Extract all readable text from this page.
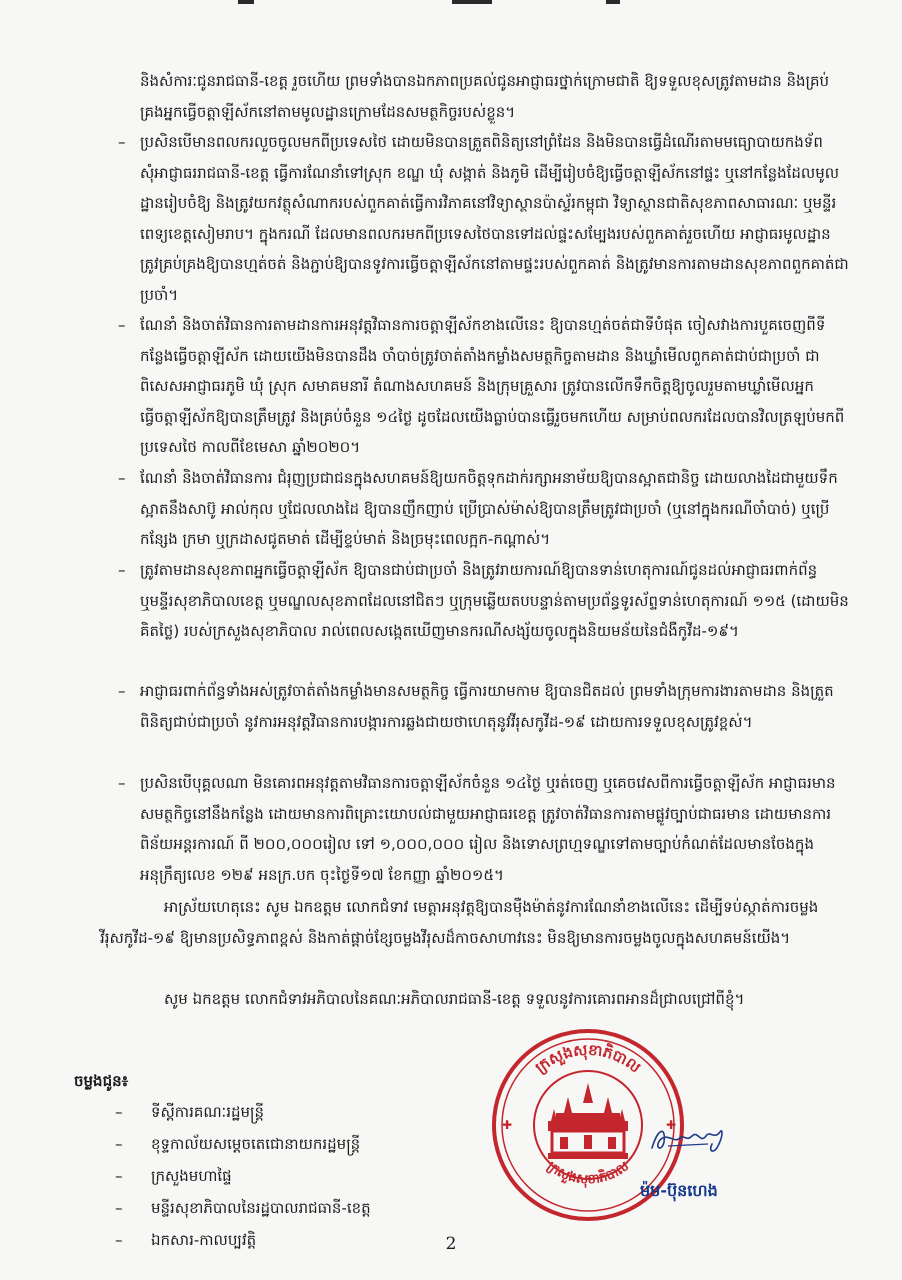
និងសំការៈជូនរាជធានី-ខេត្ត រួចហើយ ព្រមទាំងបានឯកភាពប្រគល់ជូនអាជ្ញាធរថ្នាក់ក្រោមជាតិ ឱ្យទទួលខុសត្រូវតាមដាន និងគ្រប់គ្រងអ្នកធ្វើចត្តាឡីស័កនៅតាមមូលដ្ឋានក្រោមដែនសមត្ថកិច្ចរបស់ខ្លួន។

– ប្រសិនបើមានពលករលួចចូលមកពីប្រទេសថៃ ដោយមិនបានត្រួតពិនិត្យនៅព្រំដែន និងមិនបានធ្វើដំណើរតាមមធ្យោបាយកងទ័ព សុំអាជ្ញាធររាជធានី-ខេត្ត ធ្វើការណែនាំទៅស្រុក ខណ្ឌ ឃុំ សង្កាត់ និងភូមិ ដើម្បីរៀបចំឱ្យធ្វើចត្តាឡីស័កនៅផ្ទះ ឬនៅកន្លែងដែលមូលដ្ឋានរៀបចំឱ្យ និងត្រូវយកវត្ថុសំណាករបស់ពួកគាត់ធ្វើការវិភាគនៅវិទ្យាស្ថានប៉ាស្ទ័រកម្ពុជា វិទ្យាស្ថានជាតិសុខភាពសាធារណៈ ឬមន្ទីរពេទ្យខេត្តសៀមរាប។ ក្នុងករណី ដែលមានពលករមកពីប្រទេសថៃបានទៅដល់ផ្ទះសម្បែងរបស់ពួកគាត់រួចហើយ អាជ្ញាធរមូលដ្ឋាន ត្រូវគ្រប់គ្រងឱ្យបានហ្មត់ចត់ និងភ្ជាប់ឱ្យបានទូវការធ្វើចត្តាឡីស័កនៅតាមផ្ទះរបស់ពួកគាត់ និងត្រូវមានការតាមដានសុខភាពពួកគាត់ជាប្រចាំ។

– ណែនាំ និងចាត់វិធានការតាមដានការអនុវត្តវិធានការចត្តាឡីស័កខាងលើនេះ ឱ្យបានហ្មត់ចត់ជាទីបំផុត ចៀសវាងការបួគចេញពីទីកន្លែងធ្វើចត្តាឡីស័ក ដោយយើងមិនបានដឹង ចាំបាច់ត្រូវចាត់តាំងកម្លាំងសមត្ថកិច្ចតាមដាន និងឃ្លាំមើលពួកគាត់ជាប់ជាប្រចាំ ជាពិសេសអាជ្ញាធរភូមិ ឃុំ ស្រុក សមាគមនារី តំណាងសហគមន៍ និងក្រុមគ្រួសារ ត្រូវបានលើកទឹកចិត្តឱ្យចូលរួមតាមឃ្លាំមើលអ្នកធ្វើចត្តាឡីស័កឱ្យបានត្រឹមត្រូវ និងគ្រប់ចំនួន ១៤ថ្ងៃ ដូចដែលយើងធ្លាប់បានធ្វើរួចមកហើយ សម្រាប់ពលករដែលបានវិលត្រឡប់មកពីប្រទេសថៃ កាលពីខែមេសា ឆ្នាំ២០២០។

– ណែនាំ និងចាត់វិធានការ ជំរុញប្រជាជនក្នុងសហគមន៍ឱ្យយកចិត្តទុកដាក់រក្សាអនាម័យឱ្យបានស្អាតជានិច្ច ដោយលាងដៃជាមួយទឹកស្អាតនឹងសាប៊ូ អាល់កុល ឬជែលលាងដៃ ឱ្យបានញឹកញាប់ ប្រើប្រាស់ម៉ាស់ឱ្យបានត្រឹមត្រូវជាប្រចាំ (ឬនៅក្នុងករណីចាំបាច់) ឬប្រើកន្សែង ក្រមា ឬក្រដាសជូតមាត់ ដើម្បីខ្ទប់មាត់ និងច្រមុះពេលក្អក-កណ្តាស់។

– ត្រូវតាមដានសុខភាពអ្នកធ្វើចត្តាឡីស័ក ឱ្យបានជាប់ជាប្រចាំ និងត្រូវរាយការណ៍ឱ្យបានទាន់ហេតុការណ៍ជូនដល់អាជ្ញាធរពាក់ព័ន្ធ ឬមន្ទីរសុខាភិបាលខេត្ត ឬមណ្ឌលសុខភាពដែលនៅជិតៗ ឬក្រុមឆ្លើយតបបន្ទាន់តាមប្រព័ន្ធទូរស័ព្ទទាន់ហេតុការណ៍ ១១៥ (ដោយមិនគិតថ្លៃ) របស់ក្រសួងសុខាភិបាល រាល់ពេលសង្កេតឃើញមានករណីសង្ស័យចូលក្នុងនិយមន័យនៃជំងឺកូវីដ-១៩។

– អាជ្ញាធរពាក់ព័ន្ធទាំងអស់ត្រូវចាត់តាំងកម្លាំងមានសមត្ថកិច្ច ធ្វើការយាមកាម ឱ្យបានជិតដល់ ព្រមទាំងក្រុមការងារតាមដាន និងត្រួតពិនិត្យជាប់ជាប្រចាំ នូវការអនុវត្តវិធានការបង្ការការឆ្លងជាយថាហេតុនូវវីរុសកូវីដ-១៩ ដោយការទទួលខុសត្រូវខ្ពស់។

– ប្រសិនបើបុគ្គលណា មិនគោរពអនុវត្តតាមវិធានការចត្តាឡីស័កចំនួន ១៤ថ្ងៃ ឬរត់ចេញ ឬគេចវេសពីការធ្វើចត្តាឡីស័ក អាជ្ញាធរមានសមត្ថកិច្ចនៅនឹងកន្លែង ដោយមានការពិគ្រោះយោបល់ជាមួយអាជ្ញាធរខេត្ត ត្រូវចាត់វិធានការតាមផ្លូវច្បាប់ជាធរមាន ដោយមានការពិន័យអន្តរការណ៍ ពី ២០០,០០០រៀល ទៅ ១,០០០,០០០ រៀល និងទោសព្រហ្មទណ្ឌទៅតាមច្បាប់កំណត់ដែលមានចែងក្នុងអនុក្រឹត្យលេខ ១២៩ អនក្រ.បក ចុះថ្ងៃទី១៧ ខែកញ្ញា ឆ្នាំ២០១៥។

អាស្រ័យហេតុនេះ សូម ឯកឧត្តម លោកជំទាវ មេត្តាអនុវត្តឱ្យបានម៉ឺងម៉ាត់នូវការណែនាំខាងលើនេះ ដើម្បីទប់ស្កាត់ការចម្លងវីរុសកូវីដ-១៩ ឱ្យមានប្រសិទ្ធភាពខ្ពស់ និងកាត់ផ្តាច់ខ្សែចម្លងវីរុសដ៏កាចសាហាវនេះ មិនឱ្យមានការចម្លងចូលក្នុងសហគមន៍យើង។

សូម ឯកឧត្តម លោកជំទាវអភិបាលនៃគណៈអភិបាលរាជធានី-ខេត្ត ទទួលនូវការគោរពអានដ៏ជ្រាលជ្រៅពីខ្ញុំ។

ចម្លងជូន៖
– ទីស្តីការគណៈរដ្ឋមន្ត្រី
– ខុទ្ទកាល័យសម្តេចតេជោនាយករដ្ឋមន្ត្រី
– ក្រសួងមហាផ្ទៃ
– មន្ទីរសុខាភិបាលនៃរដ្ឋបាលរាជធានី-ខេត្ត
– ឯកសារ-កាលប្បវត្តិ
ក្រសួងសុខាភិបាល
ក្រសួងសុខាភិបាល
✚	✚
ម៉ម-ប៊ុនហេង
2
